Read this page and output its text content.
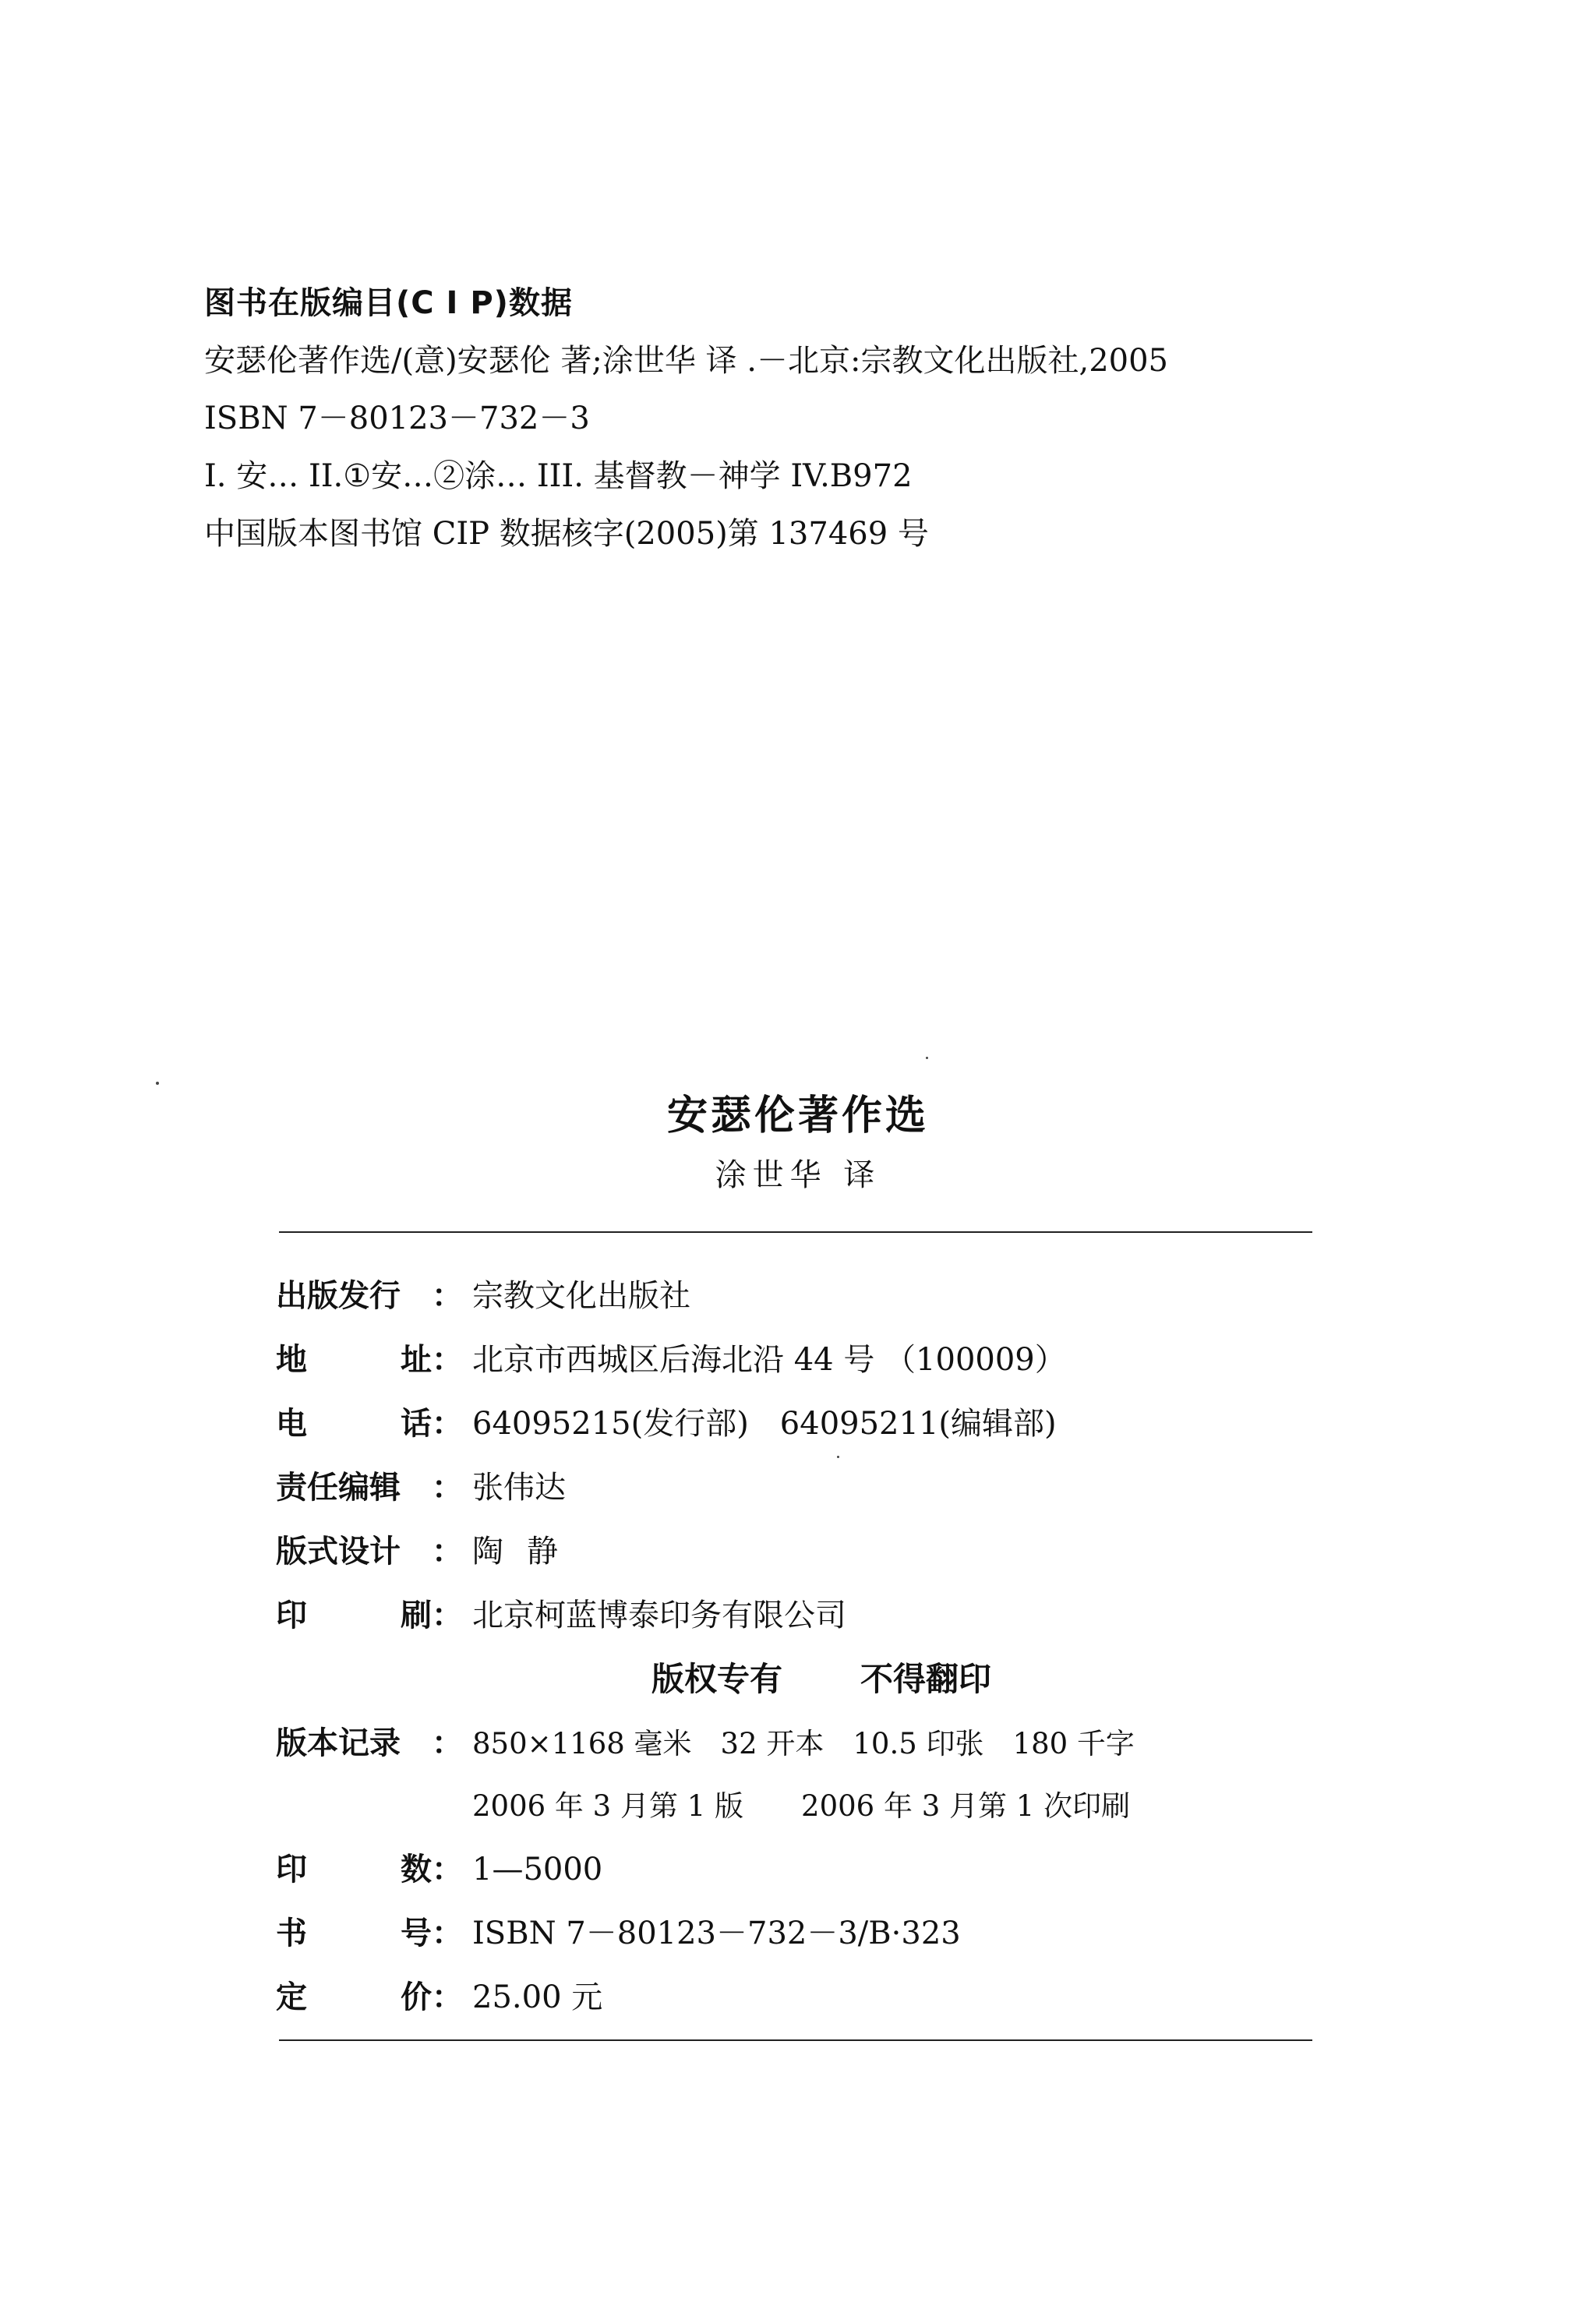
图书在版编目(C I P)数据
安瑟伦著作选/(意)安瑟伦 著;涂世华 译 .－北京:宗教文化出版社,2005
ISBN 7－80123－732－3
I. 安… II.①安…②涂… III. 基督教－神学 IV.B972
中国版本图书馆 CIP 数据核字(2005)第 137469 号
安瑟伦著作选
涂世华 译
出版发行	： 宗教文化出版社
地	址 ： 北京市西城区后海北沿 44 号 （100009）
电	话 ： 64095215(发行部)　64095211(编辑部)
责任编辑	： 张伟达
版式设计	： 陶静
印	刷 ： 北京柯蓝博泰印务有限公司
版权专有 不得翻印
版本记录	： 850×1168 毫米　32 开本　10.5 印张　180 千字
2006 年 3 月第 1 版　　2006 年 3 月第 1 次印刷
印	数 ： 1—5000
书	号 ： ISBN 7－80123－732－3/B·323
定	价 ： 25.00 元
